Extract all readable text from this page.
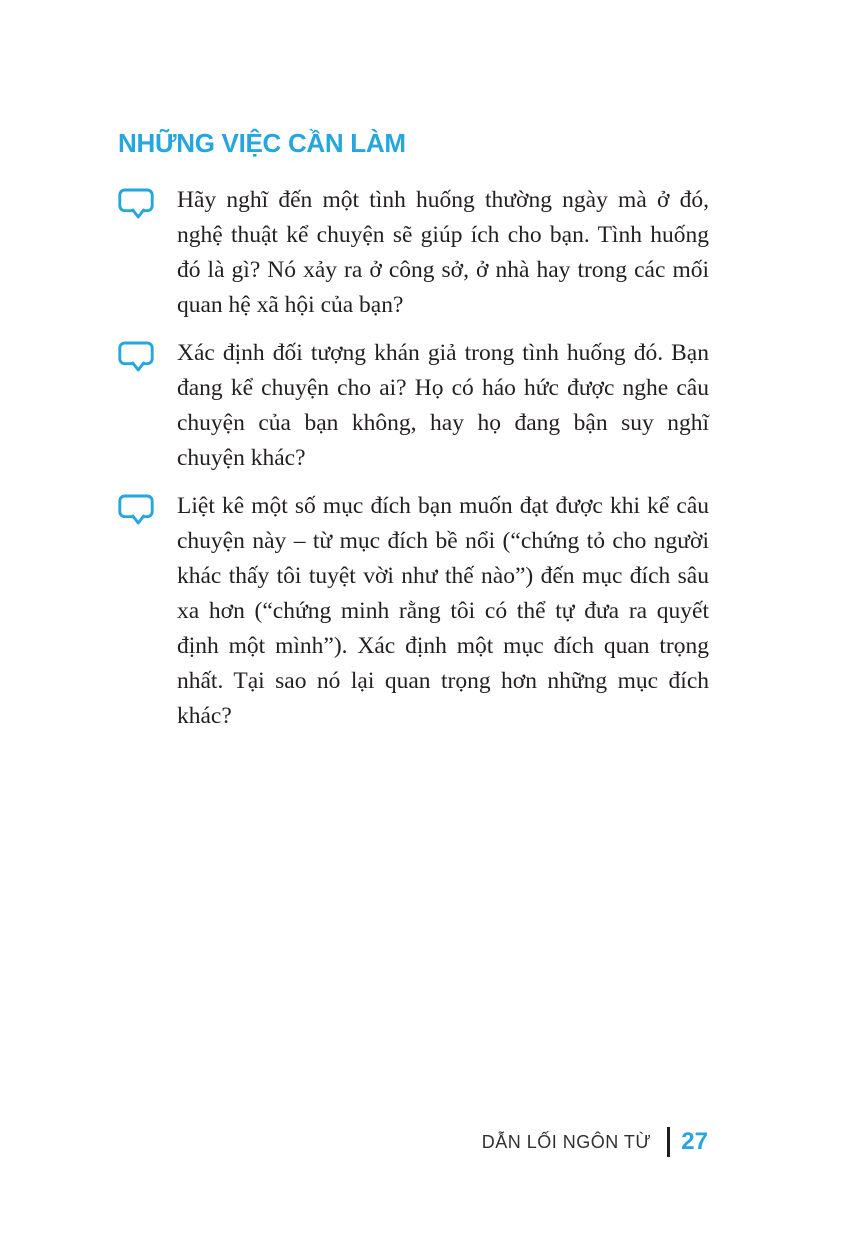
NHỮNG VIỆC CẦN LÀM

Hãy nghĩ đến một tình huống thường ngày mà ở đó, nghệ thuật kể chuyện sẽ giúp ích cho bạn. Tình huống đó là gì? Nó xảy ra ở công sở, ở nhà hay trong các mối quan hệ xã hội của bạn?

Xác định đối tượng khán giả trong tình huống đó. Bạn đang kể chuyện cho ai? Họ có háo hức được nghe câu chuyện của bạn không, hay họ đang bận suy nghĩ chuyện khác?

Liệt kê một số mục đích bạn muốn đạt được khi kể câu chuyện này – từ mục đích bề nổi (“chứng tỏ cho người khác thấy tôi tuyệt vời như thế nào”) đến mục đích sâu xa hơn (“chứng minh rằng tôi có thể tự đưa ra quyết định một mình”). Xác định một mục đích quan trọng nhất. Tại sao nó lại quan trọng hơn những mục đích khác?

DẪN LỐI NGÔN TỪ 27
